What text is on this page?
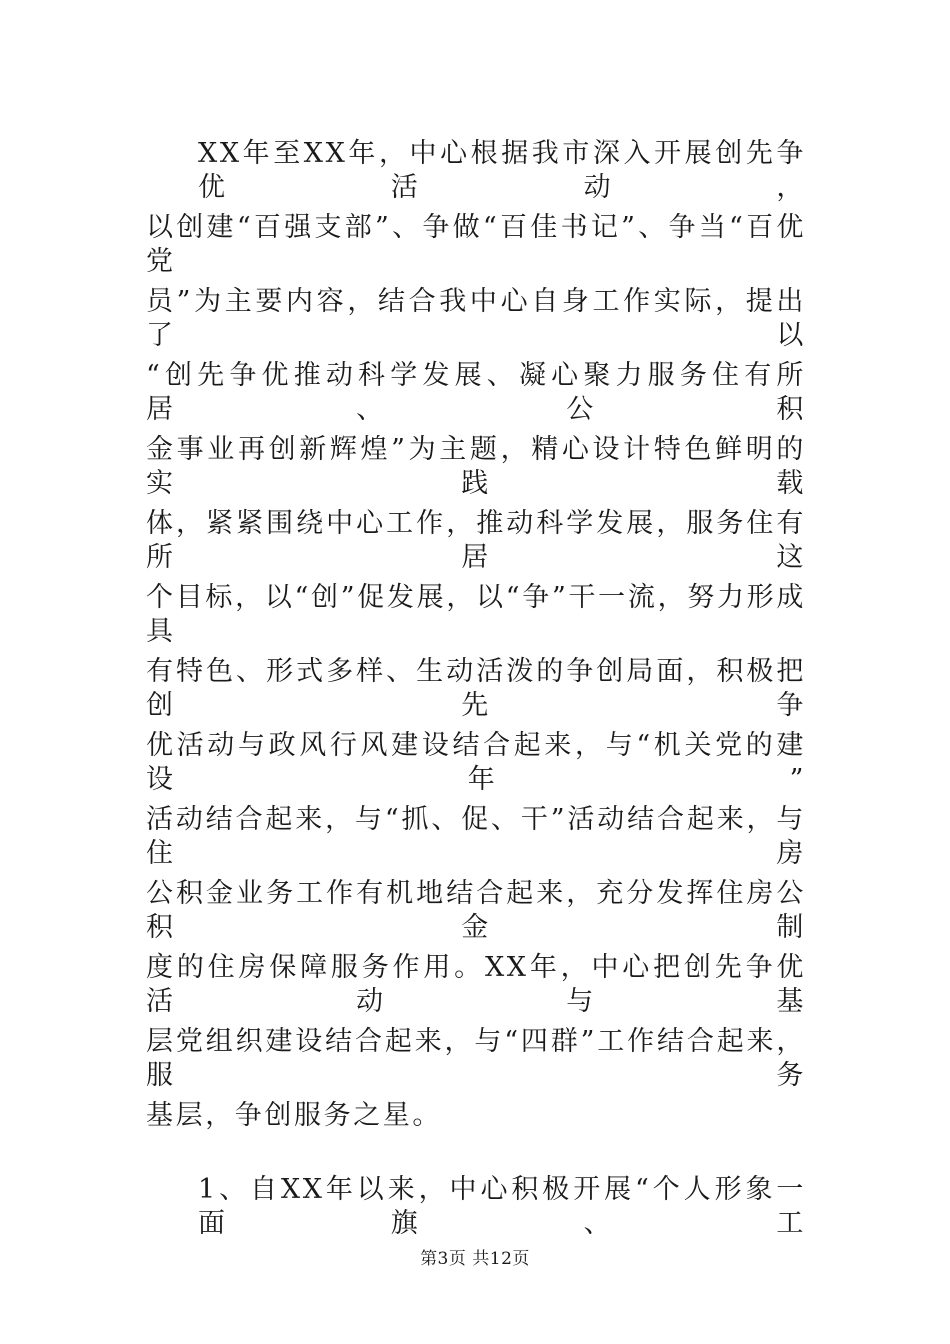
XX年至XX年，中心根据我市深入开展创先争优活动，
以创建“百强支部”、争做“百佳书记”、争当“百优党
员”为主要内容，结合我中心自身工作实际，提出了以
“创先争优推动科学发展、凝心聚力服务住有所居、公积
金事业再创新辉煌”为主题，精心设计特色鲜明的实践载
体，紧紧围绕中心工作，推动科学发展，服务住有所居这
个目标，以“创”促发展，以“争”干一流，努力形成具
有特色、形式多样、生动活泼的争创局面，积极把创先争
优活动与政风行风建设结合起来，与“机关党的建设年”
活动结合起来，与“抓、促、干”活动结合起来，与住房
公积金业务工作有机地结合起来，充分发挥住房公积金制
度的住房保障服务作用。XX年，中心把创先争优活动与基
层党组织建设结合起来，与“四群”工作结合起来，服务
基层，争创服务之星。
1、自XX年以来，中心积极开展“个人形象一面旗、工
第3页 共12页
